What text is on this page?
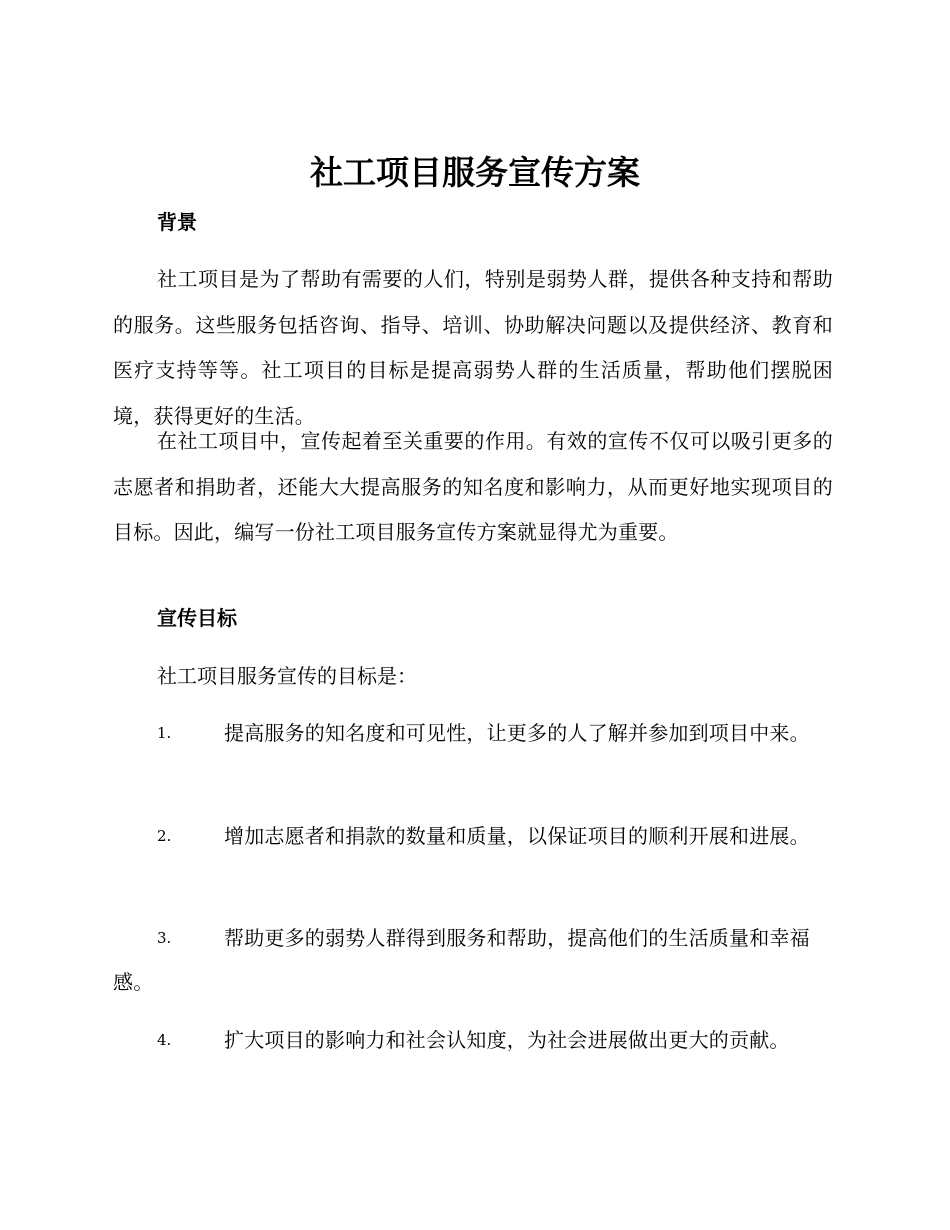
社工项目服务宣传方案
背景

社工项目是为了帮助有需要的人们，特别是弱势人群，提供各种支持和帮助的服务。这些服务包括咨询、指导、培训、协助解决问题以及提供经济、教育和医疗支持等等。社工项目的目标是提高弱势人群的生活质量，帮助他们摆脱困境，获得更好的生活。

在社工项目中，宣传起着至关重要的作用。有效的宣传不仅可以吸引更多的志愿者和捐助者，还能大大提高服务的知名度和影响力，从而更好地实现项目的目标。因此，编写一份社工项目服务宣传方案就显得尤为重要。

宣传目标

社工项目服务宣传的目标是：

1.	提高服务的知名度和可见性，让更多的人了解并参加到项目中来。
2.	增加志愿者和捐款的数量和质量，以保证项目的顺利开展和进展。
3.	帮助更多的弱势人群得到服务和帮助，提高他们的生活质量和幸福感。
4.	扩大项目的影响力和社会认知度，为社会进展做出更大的贡献。
